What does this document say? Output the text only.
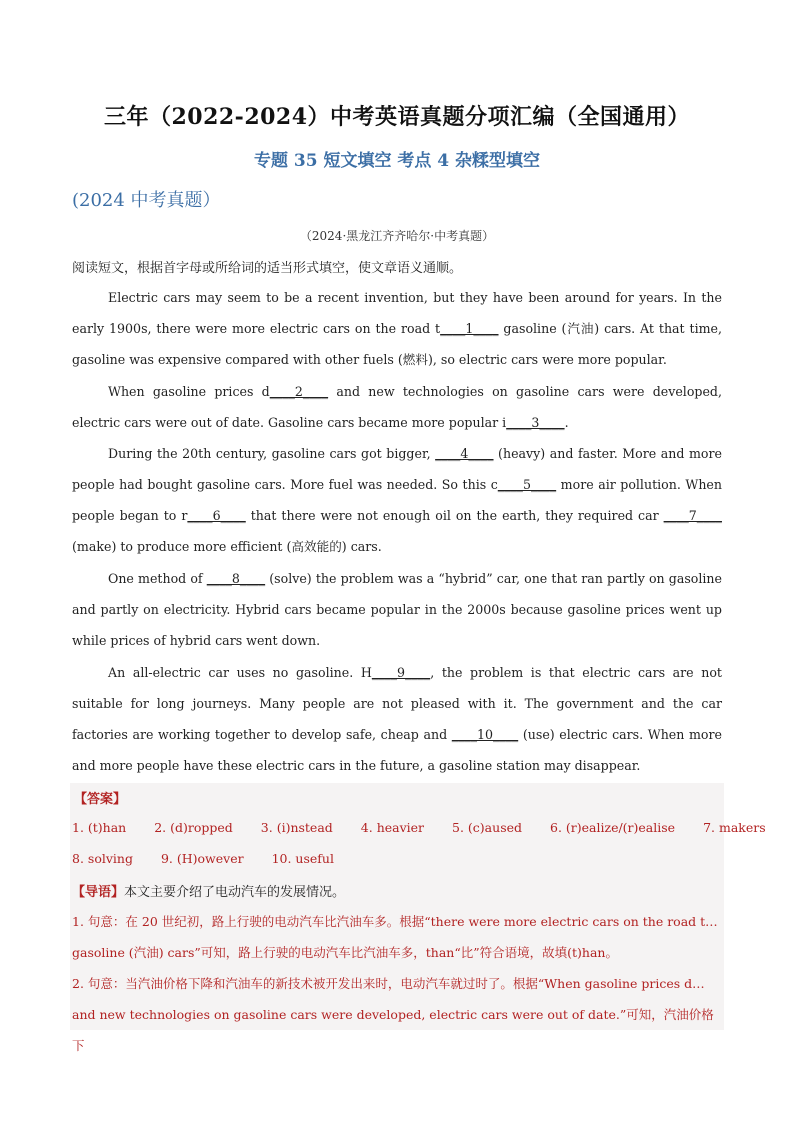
三年（2022-2024）中考英语真题分项汇编（全国通用）
专题 35 短文填空 考点 4 杂糅型填空
(2024 中考真题）
（2024·黑龙江齐齐哈尔·中考真题）
阅读短文，根据首字母或所给词的适当形式填空，使文章语义通顺。

Electric cars may seem to be a recent invention, but they have been around for years. In the early 1900s, there were more electric cars on the road t____1____ gasoline (汽油) cars. At that time, gasoline was expensive compared with other fuels (燃料), so electric cars were more popular.

When gasoline prices d____2____ and new technologies on gasoline cars were developed, electric cars were out of date. Gasoline cars became more popular i____3____.

During the 20th century, gasoline cars got bigger, ____4____ (heavy) and faster. More and more people had bought gasoline cars. More fuel was needed. So this c____5____ more air pollution. When people began to r____6____ that there were not enough oil on the earth, they required car ____7____ (make) to produce more efficient (高效能的) cars.

One method of ____8____ (solve) the problem was a “hybrid” car, one that ran partly on gasoline and partly on electricity. Hybrid cars became popular in the 2000s because gasoline prices went up while prices of hybrid cars went down.

An all-electric car uses no gasoline. H____9____, the problem is that electric cars are not suitable for long journeys. Many people are not pleased with it. The government and the car factories are working together to develop safe, cheap and ____10____ (use) electric cars. When more and more people have these electric cars in the future, a gasoline station may disappear.

【答案】
1. (t)han 2. (d)ropped 3. (i)nstead 4. heavier 5. (c)aused 6. (r)ealize/(r)ealise 7. makers
8. solving 9. (H)owever 10. useful
【导语】本文主要介绍了电动汽车的发展情况。

1. 句意：在 20 世纪初，路上行驶的电动汽车比汽油车多。根据“there were more electric cars on the road t… gasoline (汽油) cars”可知，路上行驶的电动汽车比汽油车多，than“比”符合语境，故填(t)han。

2. 句意：当汽油价格下降和汽油车的新技术被开发出来时，电动汽车就过时了。根据“When gasoline prices d…and new technologies on gasoline cars were developed, electric cars were out of date.”可知，汽油价格下
